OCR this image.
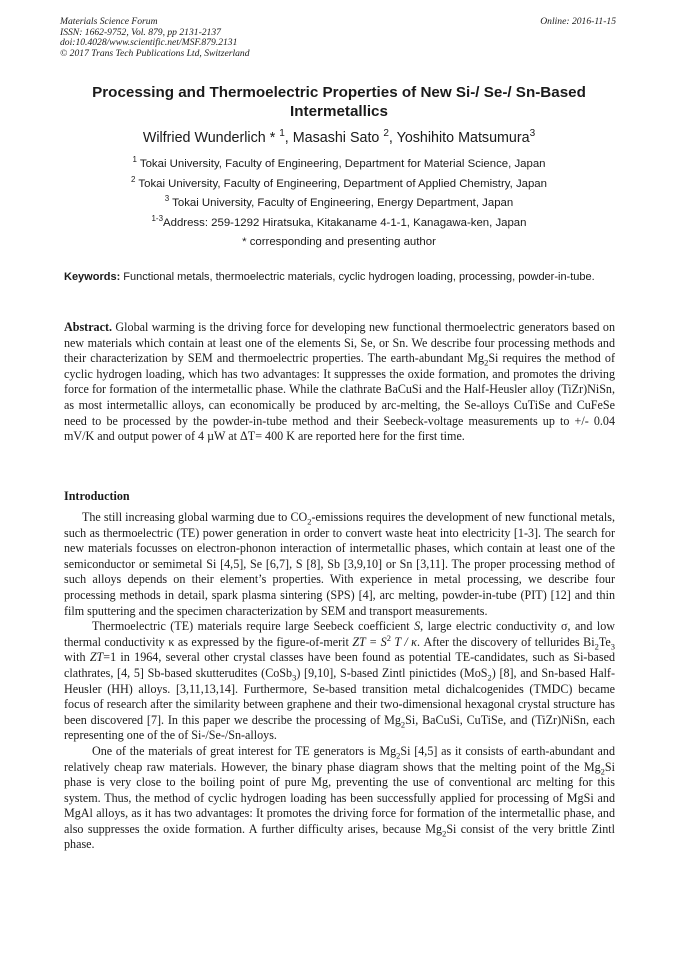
Materials Science Forum
ISSN: 1662-9752, Vol. 879, pp 2131-2137
doi:10.4028/www.scientific.net/MSF.879.2131
© 2017 Trans Tech Publications Ltd, Switzerland
Online: 2016-11-15
Processing and Thermoelectric Properties of New Si-/ Se-/ Sn-Based Intermetallics
Wilfried Wunderlich * $^1$, Masashi Sato $^2$, Yoshihito Matsumura$^3$
$^1$ Tokai University, Faculty of Engineering, Department for Material Science, Japan
$^2$ Tokai University, Faculty of Engineering, Department of Applied Chemistry, Japan
$^3$ Tokai University, Faculty of Engineering, Energy Department, Japan
$^{1-3}$Address: 259-1292 Hiratsuka, Kitakaname 4-1-1, Kanagawa-ken, Japan
* corresponding and presenting author
Keywords: Functional metals, thermoelectric materials, cyclic hydrogen loading, processing, powder-in-tube.
Abstract. Global warming is the driving force for developing new functional thermoelectric generators based on new materials which contain at least one of the elements Si, Se, or Sn. We describe four processing methods and their characterization by SEM and thermoelectric properties. The earth-abundant $Mg_2Si$ requires the method of cyclic hydrogen loading, which has two advantages: It suppresses the oxide formation, and promotes the driving force for formation of the intermetallic phase. While the clathrate BaCuSi and the Half-Heusler alloy (TiZr)NiSn, as most intermetallic alloys, can economically be produced by arc-melting, the Se-alloys CuTiSe and CuFeSe need to be processed by the powder-in-tube method and their Seebeck-voltage measurements up to +/- 0.04 mV/K and output power of 4 µW at ΔT= 400 K are reported here for the first time.
Introduction

The still increasing global warming due to $CO_2$-emissions requires the development of new functional metals, such as thermoelectric (TE) power generation in order to convert waste heat into electricity [1-3]. The search for new materials focusses on electron-phonon interaction of intermetallic phases, which contain at least one of the semiconductor or semimetal Si [4,5], Se [6,7], S [8], Sb [3,9,10] or Sn [3,11]. The proper processing method of such alloys depends on their element’s properties. With experience in metal processing, we describe four processing methods in detail, spark plasma sintering (SPS) [4], arc melting, powder-in-tube (PIT) [12] and thin film sputtering and the specimen characterization by SEM and transport measurements.

Thermoelectric (TE) materials require large Seebeck coefficient S, large electric conductivity σ, and low thermal conductivity κ as expressed by the figure-of-merit ZT = $S^2$ T / κ. After the discovery of tellurides $Bi_2Te_3$ with ZT=1 in 1964, several other crystal classes have been found as potential TE-candidates, such as Si-based clathrates, [4, 5] Sb-based skutterudites (CoSb$_3$) [9,10], S-based Zintl pinictides (MoS$_2$) [8], and Sn-based Half-Heusler (HH) alloys. [3,11,13,14]. Furthermore, Se-based transition metal dichalcogenides (TMDC) became focus of research after the similarity between graphene and their two-dimensional hexagonal crystal structure has been discovered [7]. In this paper we describe the processing of $Mg_2Si$, BaCuSi, CuTiSe, and (TiZr)NiSn, each representing one of the of Si-/Se-/Sn-alloys.

One of the materials of great interest for TE generators is $Mg_2Si$ [4,5] as it consists of earth-abundant and relatively cheap raw materials. However, the binary phase diagram shows that the melting point of the $Mg_2Si$ phase is very close to the boiling point of pure Mg, preventing the use of conventional arc melting for this system. Thus, the method of cyclic hydrogen loading has been successfully applied for processing of MgSi and MgAl alloys, as it has two advantages: It promotes the driving force for formation of the intermetallic phase, and also suppresses the oxide formation. A further difficulty arises, because $Mg_2Si$ consist of the very brittle Zintl phase.
